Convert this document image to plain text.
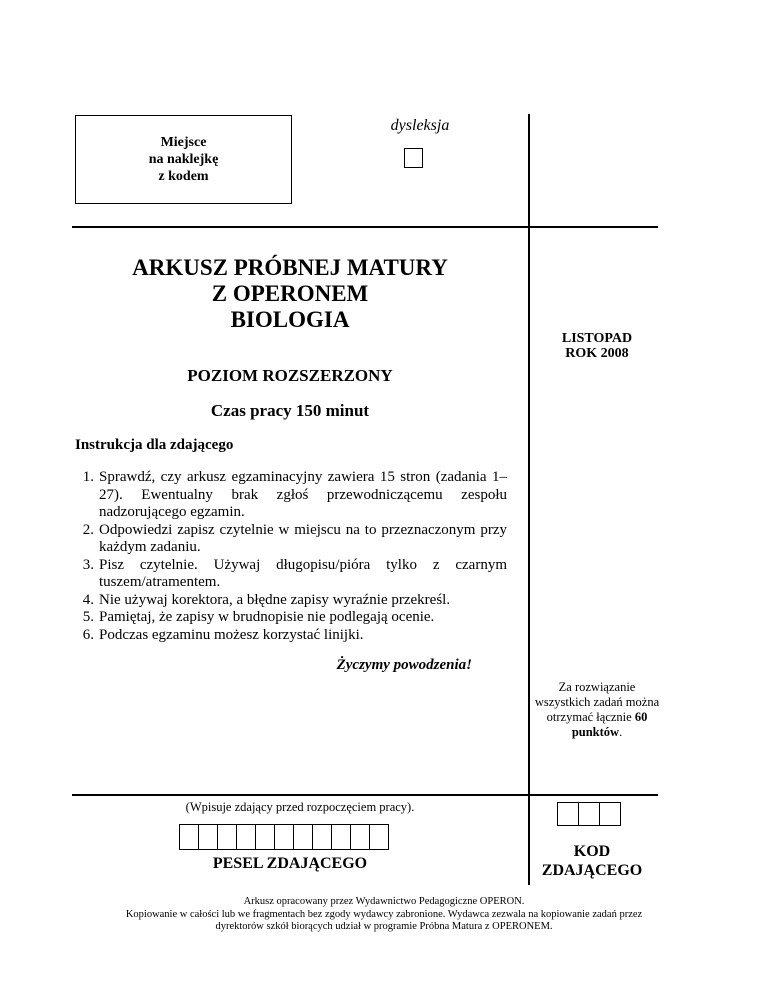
Miejsce
na naklejkę
z kodem
dysleksja
ARKUSZ PRÓBNEJ MATURY
Z OPERONEM
BIOLOGIA
LISTOPAD
ROK 2008
POZIOM ROZSZERZONY
Czas pracy 150 minut
Instrukcja dla zdającego
1. Sprawdź, czy arkusz egzaminacyjny zawiera 15 stron (zadania 1–27). Ewentualny brak zgłoś przewodniczącemu zespołu nadzorującego egzamin.
2. Odpowiedzi zapisz czytelnie w miejscu na to przeznaczonym przy każdym zadaniu.
3. Pisz czytelnie. Używaj długopisu/pióra tylko z czarnym tuszem/atramentem.
4. Nie używaj korektora, a błędne zapisy wyraźnie przekreśl.
5. Pamiętaj, że zapisy w brudnopisie nie podlegają ocenie.
6. Podczas egzaminu możesz korzystać linijki.
Życzymy powodzenia!
Za rozwiązanie wszystkich zadań można otrzymać łącznie 60 punktów.
(Wpisuje zdający przed rozpoczęciem pracy).
PESEL ZDAJĄCEGO
KOD
ZDAJĄCEGO
Arkusz opracowany przez Wydawnictwo Pedagogiczne OPERON.
Kopiowanie w całości lub we fragmentach bez zgody wydawcy zabronione. Wydawca zezwala na kopiowanie zadań przez
dyrektorów szkół biorących udział w programie Próbna Matura z OPERONEM.
